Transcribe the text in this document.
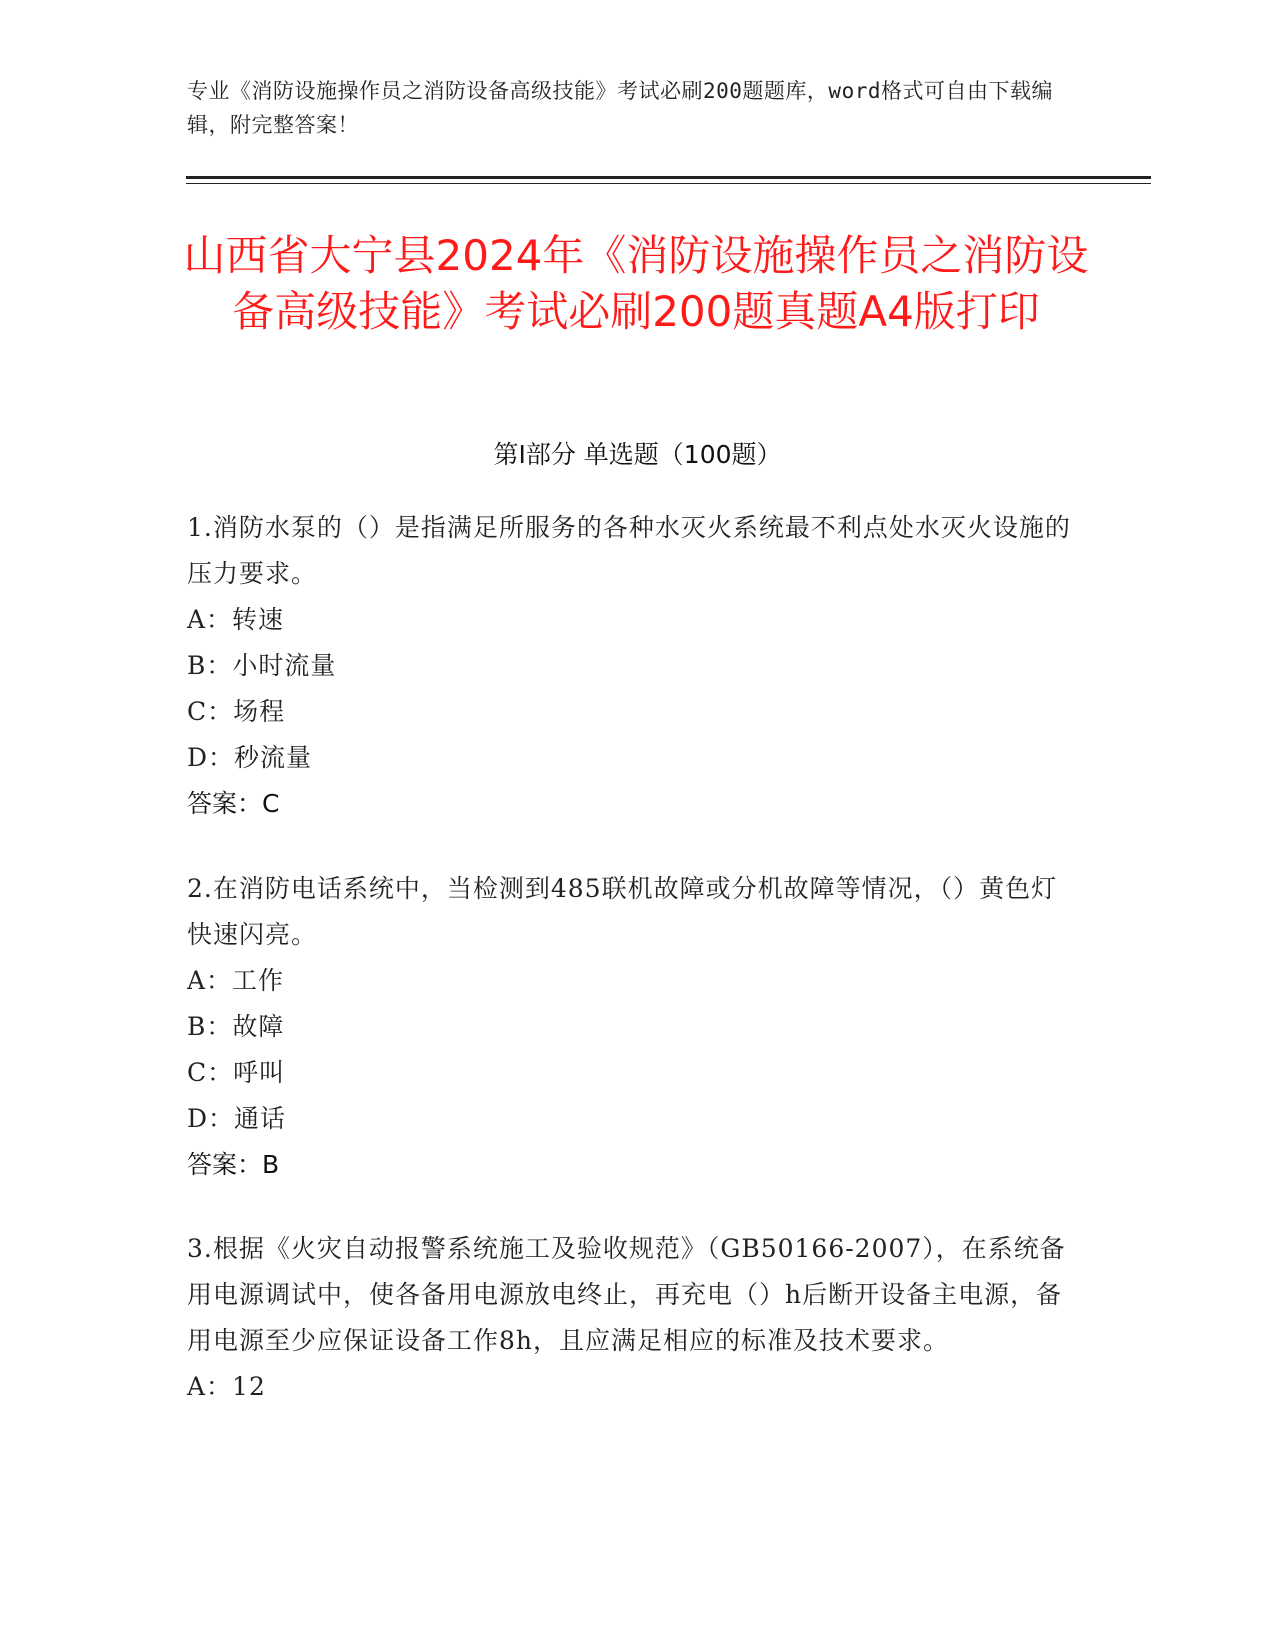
专业《消防设施操作员之消防设备高级技能》考试必刷200题题库，word格式可自由下载编辑，附完整答案！
山西省大宁县2024年《消防设施操作员之消防设备高级技能》考试必刷200题真题A4版打印
第I部分 单选题（100题）
1.消防水泵的（）是指满足所服务的各种水灭火系统最不利点处水灭火设施的压力要求。
A：转速
B：小时流量
C：场程
D：秒流量
答案：C
2.在消防电话系统中，当检测到485联机故障或分机故障等情况，（）黄色灯快速闪亮。
A：工作
B：故障
C：呼叫
D：通话
答案：B
3.根据《火灾自动报警系统施工及验收规范》（GB50166-2007），在系统备用电源调试中，使各备用电源放电终止，再充电（）h后断开设备主电源，备用电源至少应保证设备工作8h，且应满足相应的标准及技术要求。
A：12
